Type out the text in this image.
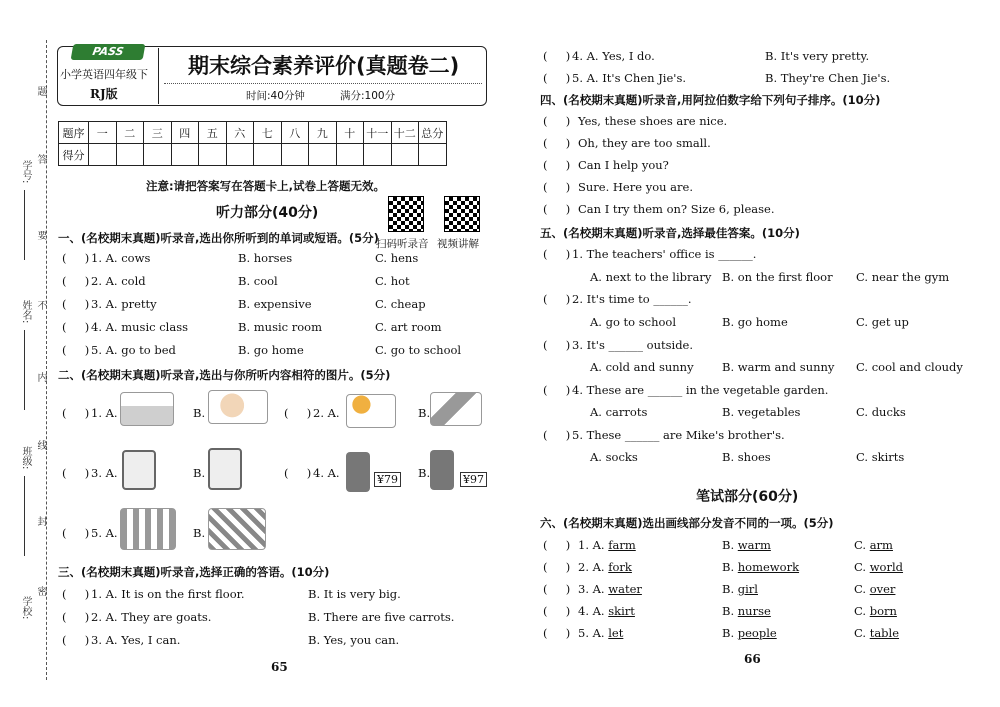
题
答
要
不
内
线
封
密
学号:
姓名:
班级:
学校:
PASS
小学英语四年级下
RJ版
期末综合素养评价(真题卷二)
时间:40分钟	满分:100分
题序	一	二	三	四	五	六	七	八	九	十	十一	十二	总分
得分													
注意:请把答案写在答题卡上,试卷上答题无效。
听力部分(40分)
扫码听录音 视频讲解
一、(名校期末真题)听录音,选出你所听到的单词或短语。(5分)
(     ) 1. A. cows	B. horses	C. hens
(     ) 2. A. cold	B. cool	C. hot
(     ) 3. A. pretty	B. expensive	C. cheap
(     ) 4. A. music class	B. music room	C. art room
(     ) 5. A. go to bed	B. go home	C. go to school
二、(名校期末真题)听录音,选出与你所听内容相符的图片。(5分)
(     ) 1. A.	B.	(     ) 2. A.	B.
(     ) 3. A.	B.	(     ) 4. A.	¥79 B.	¥97
(     ) 5. A.	B.
三、(名校期末真题)听录音,选择正确的答语。(10分)
(     ) 1. A. It is on the first floor.	B. It is very big.
(     ) 2. A. They are goats.	B. There are five carrots.
(     ) 3. A. Yes, I can.	B. Yes, you can.
(     ) 4. A. Yes, I do.	B. It's very pretty.
(     ) 5. A. It's Chen Jie's.	B. They're Chen Jie's.
65
四、(名校期末真题)听录音,用阿拉伯数字给下列句子排序。(10分)
(     ) Yes, these shoes are nice.
(     ) Oh, they are too small.
(     ) Can I help you?
(     ) Sure. Here you are.
(     ) Can I try them on? Size 6, please.
五、(名校期末真题)听录音,选择最佳答案。(10分)
(     ) 1. The teachers' office is ______.
A. next to the library B. on the first floor C. near the gym
(     ) 2. It's time to ______.
A. go to school	B. go home	C. get up
(     ) 3. It's ______ outside.
A. cold and sunny B. warm and sunny C. cool and cloudy
(     ) 4. These are ______ in the vegetable garden.
A. carrots	B. vegetables	C. ducks
(     ) 5. These ______ are Mike's brother's.
A. socks	B. shoes	C. skirts
笔试部分(60分)
六、(名校期末真题)选出画线部分发音不同的一项。(5分)
(     ) 1. A. farm	B. warm	C. arm
(     ) 2. A. fork	B. homework	C. world
(     ) 3. A. water	B. girl	C. over
(     ) 4. A. skirt	B. nurse	C. born
(     ) 5. A. let	B. people	C. table
66
